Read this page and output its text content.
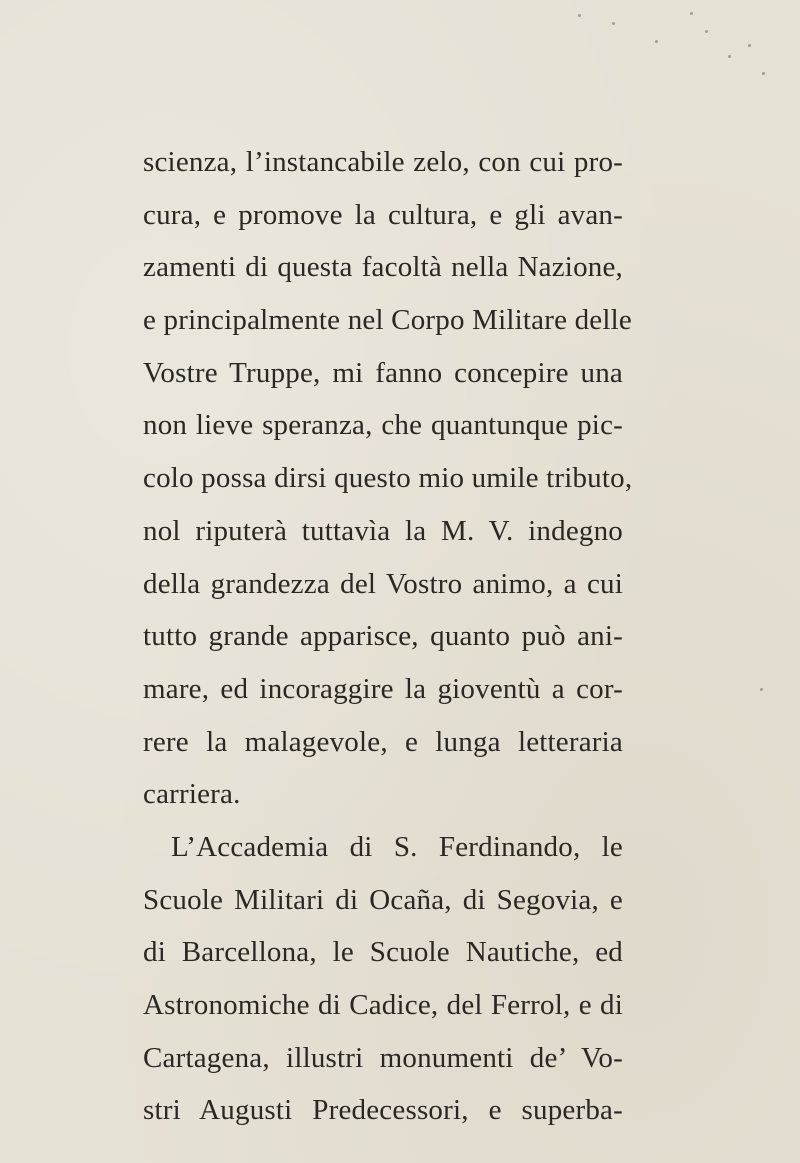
scienza, l’instancabile zelo, con cui pro-
cura, e promove la cultura, e gli avan-
zamenti di questa facoltà nella Nazione,
e principalmente nel Corpo Militare delle
Vostre Truppe, mi fanno concepire una
non lieve speranza, che quantunque pic-
colo possa dirsi questo mio umile tributo,
nol riputerà tuttavìa la M. V. indegno
della grandezza del Vostro animo, a cui
tutto grande apparisce, quanto può ani-
mare, ed incoraggire la gioventù a cor-
rere la malagevole, e lunga letteraria
carriera.
L’Accademia di S. Ferdinando, le
Scuole Militari di Ocaña, di Segovia, e
di Barcellona, le Scuole Nautiche, ed
Astronomiche di Cadice, del Ferrol, e di
Cartagena, illustri monumenti de’ Vo-
stri Augusti Predecessori, e superba-
